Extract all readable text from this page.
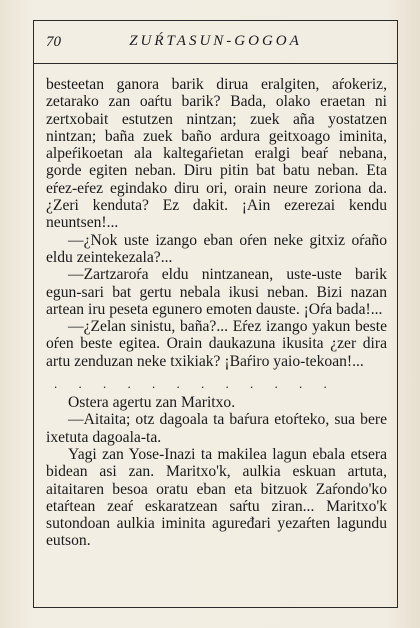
70	ZUŔTASUN-GOGOA

besteetan ganora barik dirua eralgiten, aŕokeriz, zetarako zan oaŕtu barik? Bada, olako eraetan ni zertxobait estutzen nintzan; zuek aña yostatzen nintzan; baña zuek baño ardura geitxoago iminita, alpeŕikoetan ala kaltegaŕietan eralgi beaŕ nebana, gorde egiten neban. Diru pitin bat batu neban. Eta eŕez-eŕez egindako diru ori, orain neure zoriona da. ¿Zeri kenduta? Ez dakit. ¡Ain ezerezai kendu neuntsen!...

—¿Nok uste izango eban oŕen neke gitxiz oŕaño eldu zeintekezala?...

—Zartzaroŕa eldu nintzanean, uste-uste barik egun-sari bat gertu nebala ikusi neban. Bizi nazan artean iru peseta egunero emoten dauste. ¡Oŕa bada!...

—¿Zelan sinistu, baña?... Eŕez izango yakun beste oŕen beste egitea. Orain daukazuna ikusita ¿zer dira artu zenduzan neke txikiak? ¡Baŕiro yaio-tekoan!...

. . . . . . . . . . . .

Ostera agertu zan Maritxo.

—Aitaita; otz dagoala ta baŕura etoŕteko, sua bere ixetuta dagoala-ta.

Yagi zan Yose-Inazi ta makilea lagun ebala etsera bidean asi zan. Maritxo'k, aulkia eskuan artuta, aitaitaren besoa oratu eban eta bitzuok Zaŕondo'ko etaŕtean zeaŕ eskaratzean saŕtu ziran... Maritxo'k sutondoan aulkia iminita aguređari yezaŕten lagundu eutson.
